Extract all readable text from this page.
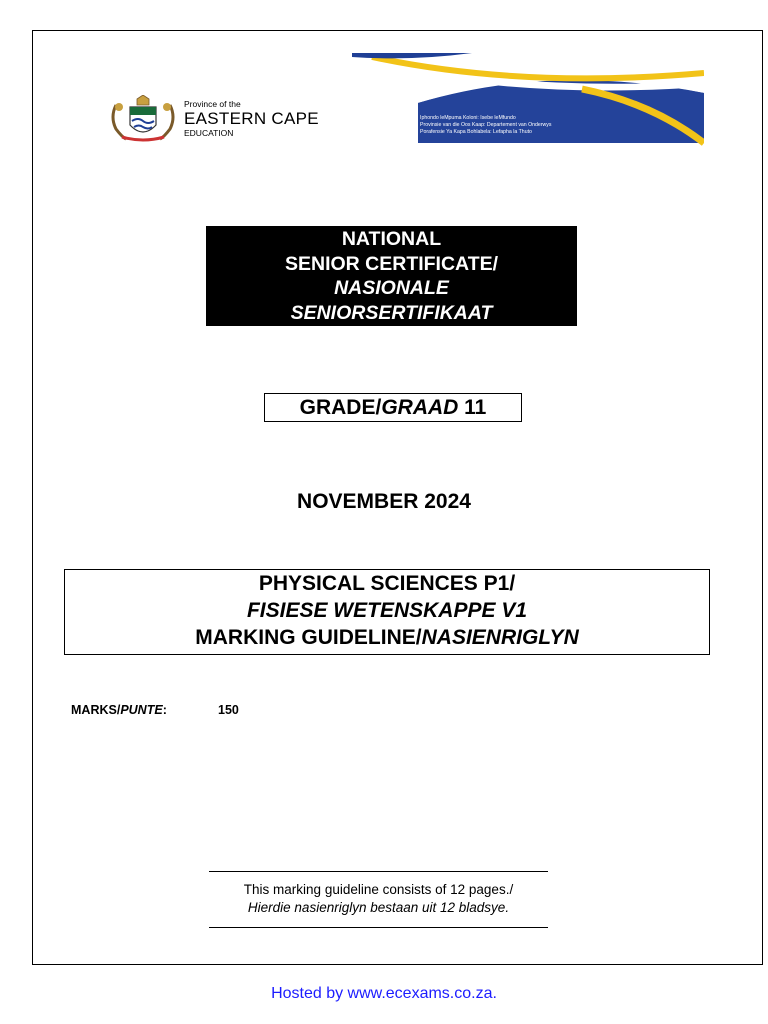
Province of the
EASTERN CAPE
EDUCATION
Iphondo leMpuma Koloni: Isebe leMfundo
Provinsie van die Oos Kaap: Departement van Onderwys
Porafensie Ya Kapa Bohlabela: Lefapha la Thuto
NATIONAL
SENIOR CERTIFICATE/
NASIONALE
SENIORSERTIFIKAAT
GRADE/GRAAD 11
NOVEMBER 2024
PHYSICAL SCIENCES P1/
FISIESE WETENSKAPPE V1
MARKING GUIDELINE/NASIENRIGLYN
MARKS/PUNTE:	150
This marking guideline consists of 12 pages./
Hierdie nasienriglyn bestaan uit 12 bladsye.
Hosted by www.ecexams.co.za.
